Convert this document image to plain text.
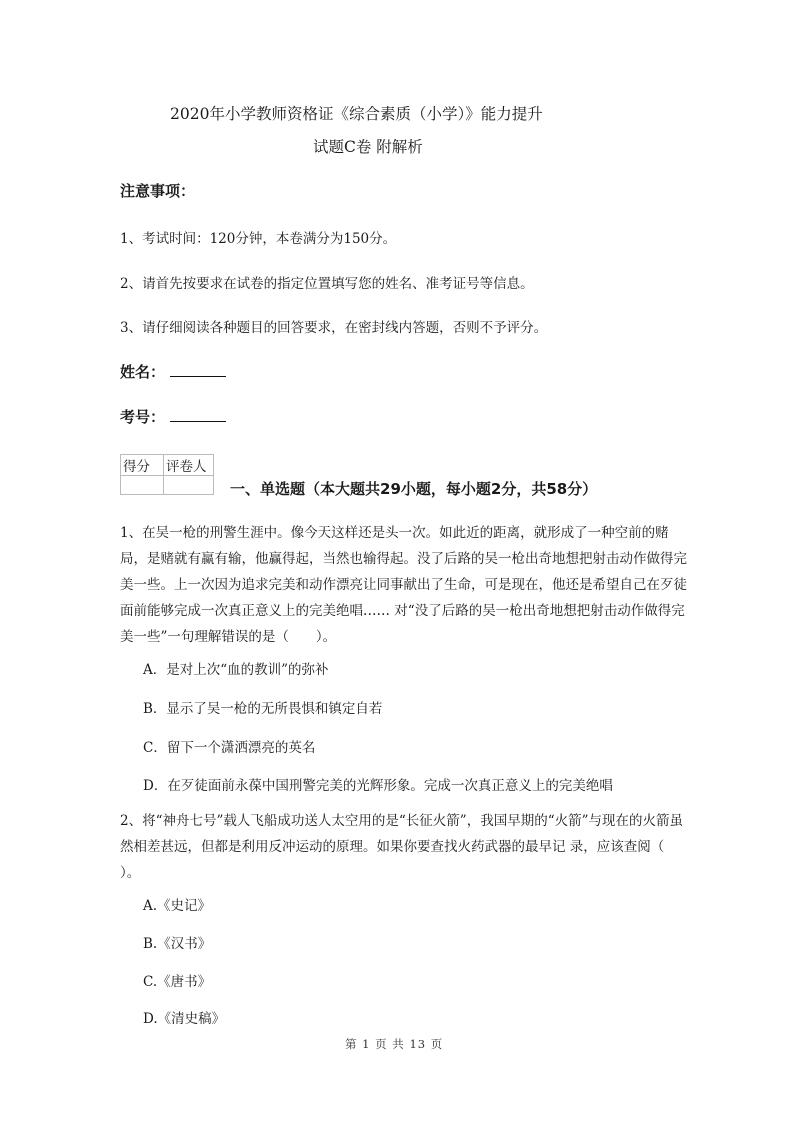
2020年小学教师资格证《综合素质（小学）》能力提升
试题C卷 附解析
注意事项：
1、考试时间：120分钟，本卷满分为150分。
2、请首先按要求在试卷的指定位置填写您的姓名、准考证号等信息。
3、请仔细阅读各种题目的回答要求，在密封线内答题，否则不予评分。
姓名：
考号：
得分	评卷人

一、单选题（本大题共29小题，每小题2分，共58分）
1、在吴一枪的刑警生涯中。像今天这样还是头一次。如此近的距离，就形成了一种空前的赌局，是赌就有赢有输，他赢得起，当然也输得起。没了后路的吴一枪出奇地想把射击动作做得完美一些。上一次因为追求完美和动作漂亮让同事献出了生命，可是现在，他还是希望自己在歹徒面前能够完成一次真正意义上的完美绝唱…… 对“没了后路的吴一枪出奇地想把射击动作做得完美一些”一句理解错误的是（　　）。
A．是对上次“血的教训”的弥补
B．显示了吴一枪的无所畏惧和镇定自若
C．留下一个潇洒漂亮的英名
D．在歹徒面前永葆中国刑警完美的光辉形象。完成一次真正意义上的完美绝唱
2、将“神舟七号”载人飞船成功送人太空用的是“长征火箭”，我国早期的“火箭”与现在的火箭虽然相差甚远，但都是利用反冲运动的原理。如果你要查找火药武器的最早记 录，应该查阅（　　）。
A.《史记》
B.《汉书》
C.《唐书》
D.《清史稿》
第 1 页 共 13 页
